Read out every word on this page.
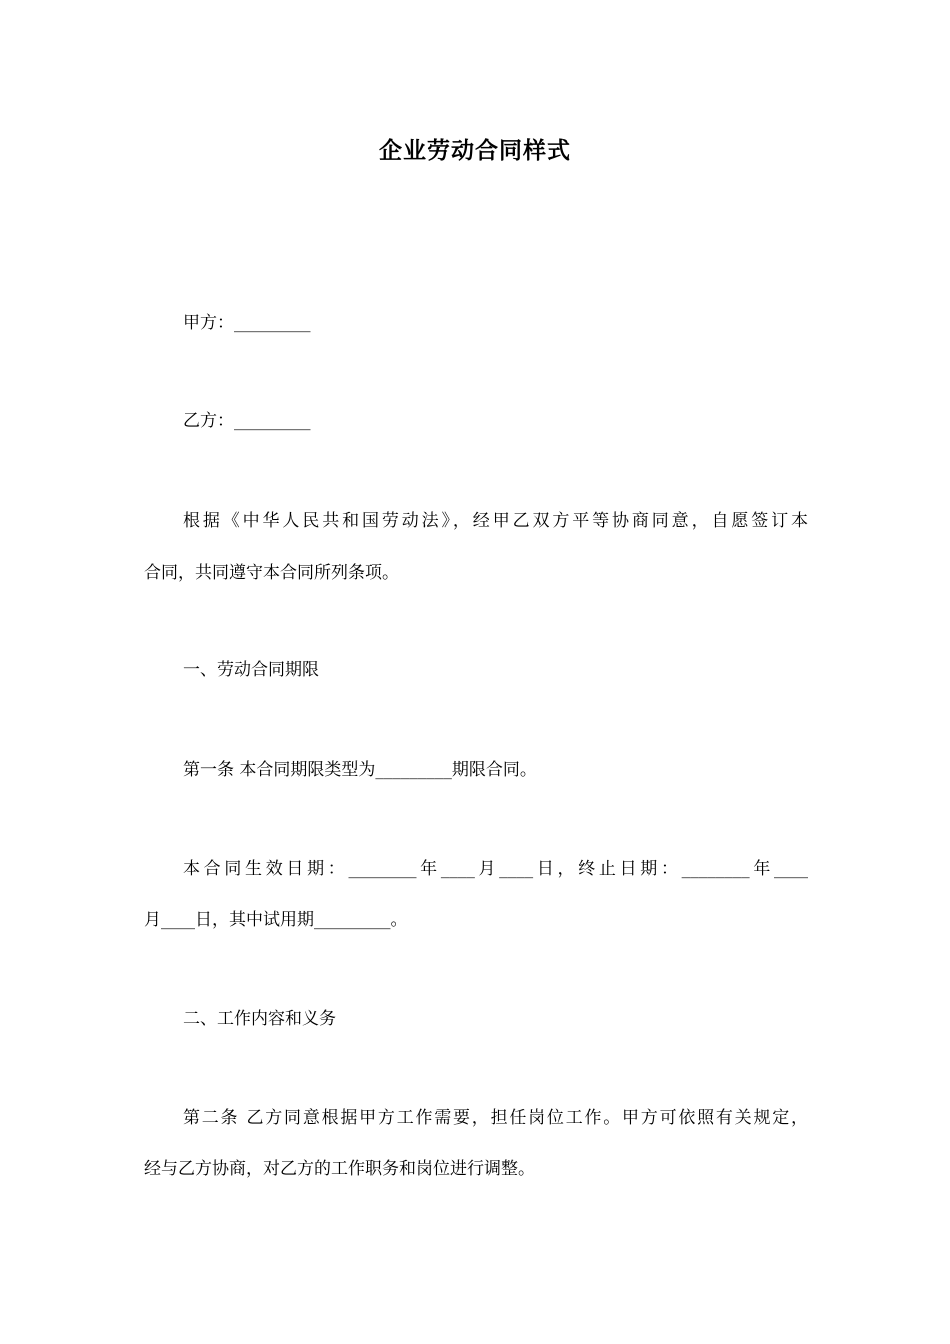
企业劳动合同样式
甲方：_________
乙方：_________
根据《中华人民共和国劳动法》，经甲乙双方平等协商同意，自愿签订本
合同，共同遵守本合同所列条项。
一、劳动合同期限
第一条 本合同期限类型为_________期限合同。
本合同生效日期：________年____月____日，终止日期：________年____
月____日，其中试用期_________。
二、工作内容和义务
第二条 乙方同意根据甲方工作需要，担任岗位工作。甲方可依照有关规定，
经与乙方协商，对乙方的工作职务和岗位进行调整。
